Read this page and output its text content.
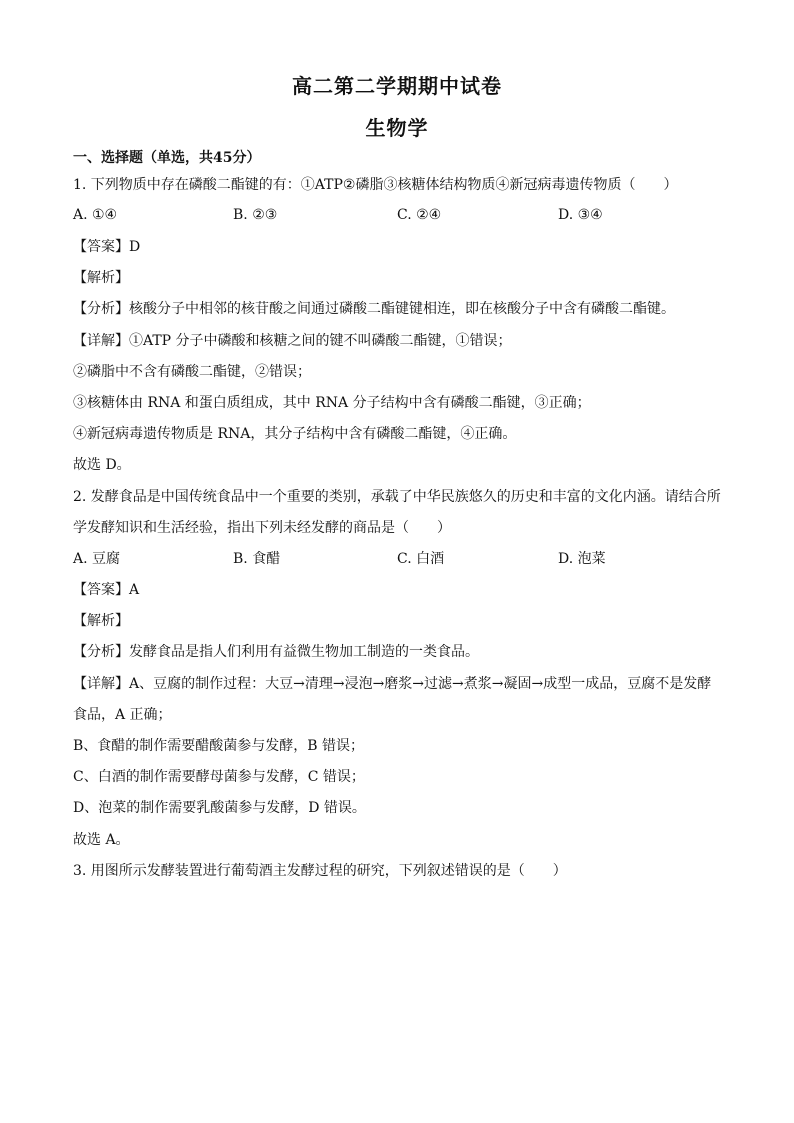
高二第二学期期中试卷
生物学
一、选择题（单选，共45分）
1. 下列物质中存在磷酸二酯键的有：①ATP②磷脂③核糖体结构物质④新冠病毒遗传物质（　　）
A. ①④	B. ②③	C. ②④	D. ③④
【答案】D
【解析】
【分析】核酸分子中相邻的核苷酸之间通过磷酸二酯键键相连，即在核酸分子中含有磷酸二酯键。
【详解】①ATP 分子中磷酸和核糖之间的键不叫磷酸二酯键，①错误；
②磷脂中不含有磷酸二酯键，②错误；
③核糖体由 RNA 和蛋白质组成，其中 RNA 分子结构中含有磷酸二酯键，③正确；
④新冠病毒遗传物质是 RNA，其分子结构中含有磷酸二酯键，④正确。
故选 D。
2. 发酵食品是中国传统食品中一个重要的类别，承载了中华民族悠久的历史和丰富的文化内涵。请结合所
学发酵知识和生活经验，指出下列未经发酵的商品是（　　）
A. 豆腐	B. 食醋	C. 白酒	D. 泡菜
【答案】A
【解析】
【分析】发酵食品是指人们利用有益微生物加工制造的一类食品。
【详解】A、豆腐的制作过程：大豆→清理→浸泡→磨浆→过滤→煮浆→凝固→成型一成品，豆腐不是发酵
食品，A 正确；
B、食醋的制作需要醋酸菌参与发酵，B 错误；
C、白酒的制作需要酵母菌参与发酵，C 错误；
D、泡菜的制作需要乳酸菌参与发酵，D 错误。
故选 A。
3. 用图所示发酵装置进行葡萄酒主发酵过程的研究，下列叙述错误的是（　　）
